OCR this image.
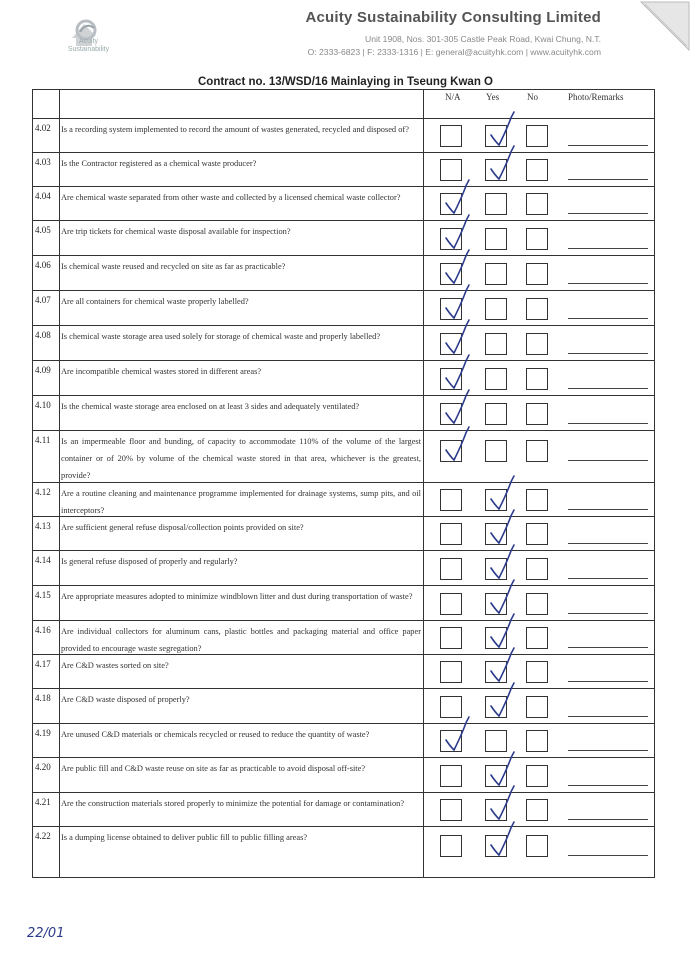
Acuity Sustainability
Acuity Sustainability Consulting Limited
Unit 1908, Nos. 301-305 Castle Peak Road, Kwai Chung, N.T.
O: 2333-6823 | F: 2333-1316 | E: general@acuityhk.com | www.acuityhk.com
Contract no. 13/WSD/16 Mainlaying in Tseung Kwan O
N/A	Yes	No	Photo/Remarks
4.02 Is a recording system implemented to record the amount of wastes generated, recycled and disposed of?
4.03 Is the Contractor registered as a chemical waste producer?
4.04 Are chemical waste separated from other waste and collected by a licensed chemical waste collector?
4.05 Are trip tickets for chemical waste disposal available for inspection?
4.06 Is chemical waste reused and recycled on site as far as practicable?
4.07 Are all containers for chemical waste properly labelled?
4.08 Is chemical waste storage area used solely for storage of chemical waste and properly labelled?
4.09 Are incompatible chemical wastes stored in different areas?
4.10 Is the chemical waste storage area enclosed on at least 3 sides and adequately ventilated?
4.11 Is an impermeable floor and bunding, of capacity to accommodate 110% of the volume of the largest container or of 20% by volume of the chemical waste stored in that area, whichever is the greatest, provide?
4.12 Are a routine cleaning and maintenance programme implemented for drainage systems, sump pits, and oil interceptors?
4.13 Are sufficient general refuse disposal/collection points provided on site?
4.14 Is general refuse disposed of properly and regularly?
4.15 Are appropriate measures adopted to minimize windblown litter and dust during transportation of waste?
4.16 Are individual collectors for aluminum cans, plastic bottles and packaging material and office paper provided to encourage waste segregation?
4.17 Are C&D wastes sorted on site?
4.18 Are C&D waste disposed of properly?
4.19 Are unused C&D materials or chemicals recycled or reused to reduce the quantity of waste?
4.20 Are public fill and C&D waste reuse on site as far as practicable to avoid disposal off-site?
4.21 Are the construction materials stored properly to minimize the potential for damage or contamination?
4.22 Is a dumping license obtained to deliver public fill to public filling areas?
22/01
